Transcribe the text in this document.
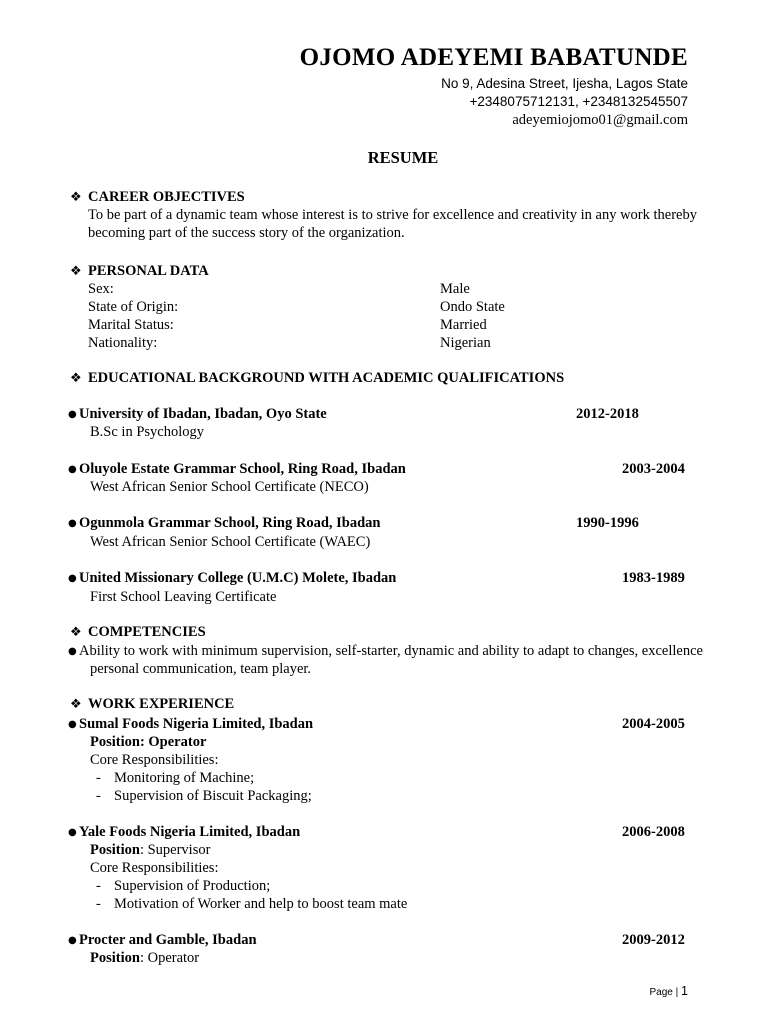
OJOMO ADEYEMI BABATUNDE
No 9, Adesina Street, Ijesha, Lagos State
+2348075712131, +2348132545507
adeyemiojomo01@gmail.com
RESUME
❖ CAREER OBJECTIVES
To be part of a dynamic team whose interest is to strive for excellence and creativity in any work thereby
becoming part of the success story of the organization.
❖ PERSONAL DATA
Sex:	Male
State of Origin:	Ondo State
Marital Status:	Married
Nationality:	Nigerian
❖ EDUCATIONAL BACKGROUND WITH ACADEMIC QUALIFICATIONS
● University of Ibadan, Ibadan, Oyo State	2012-2018
B.Sc in Psychology
● Oluyole Estate Grammar School, Ring Road, Ibadan	2003-2004
West African Senior School Certificate (NECO)
● Ogunmola Grammar School, Ring Road, Ibadan	1990-1996
West African Senior School Certificate (WAEC)
● United Missionary College (U.M.C) Molete, Ibadan	1983-1989
First School Leaving Certificate
❖ COMPETENCIES
● Ability to work with minimum supervision, self-starter, dynamic and ability to adapt to changes, excellence
personal communication, team player.
❖ WORK EXPERIENCE
● Sumal Foods Nigeria Limited, Ibadan	2004-2005
Position: Operator
Core Responsibilities:
- Monitoring of Machine;
- Supervision of Biscuit Packaging;
● Yale Foods Nigeria Limited, Ibadan	2006-2008
Position: Supervisor
Core Responsibilities:
- Supervision of Production;
- Motivation of Worker and help to boost team mate
● Procter and Gamble, Ibadan	2009-2012
Position: Operator
Page | 1
